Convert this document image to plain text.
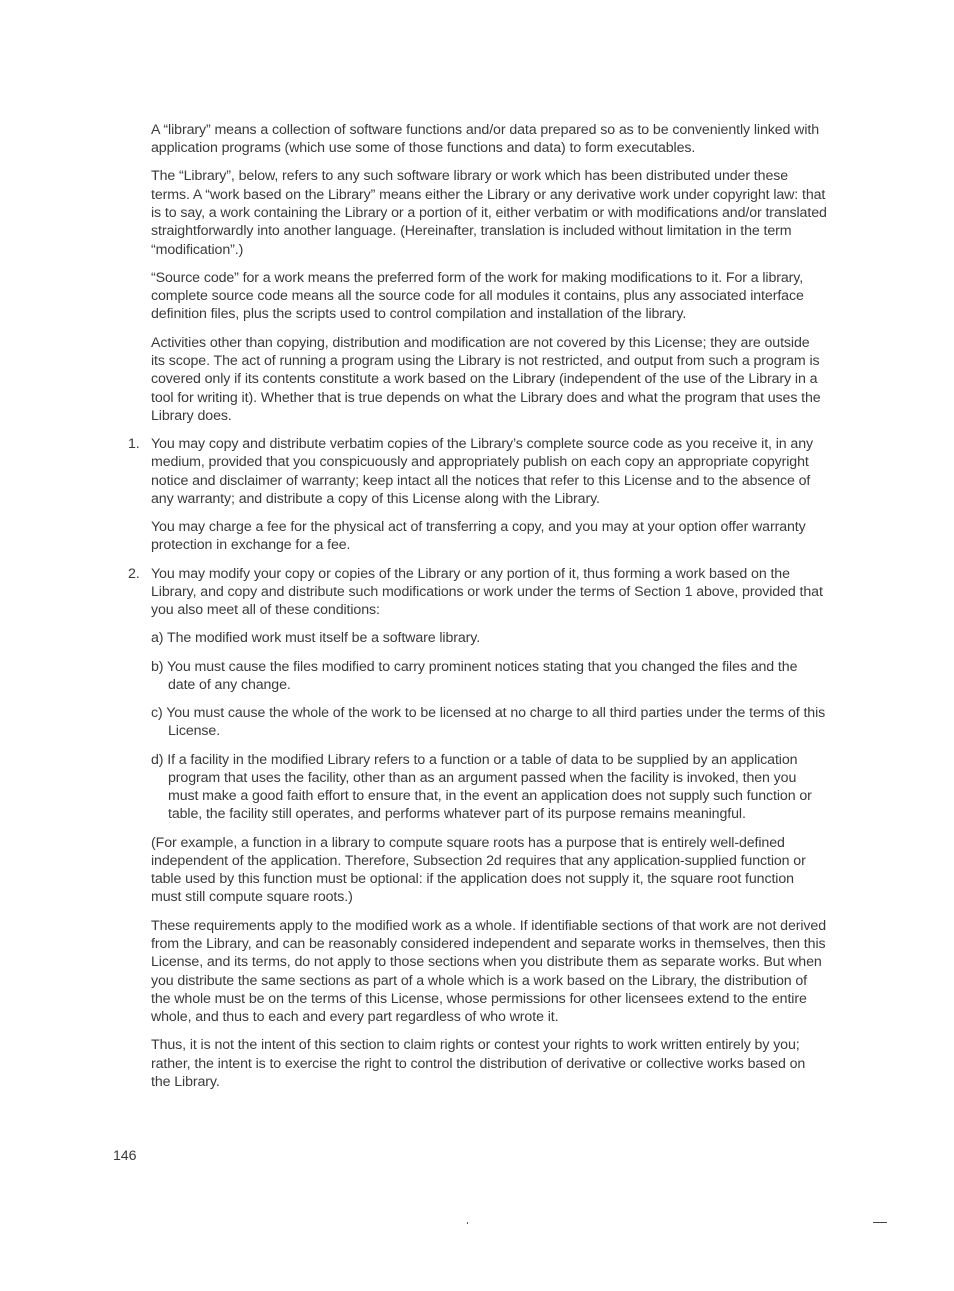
A “library” means a collection of software functions and/or data prepared so as to be conveniently linked with application programs (which use some of those functions and data) to form executables.

The “Library”, below, refers to any such software library or work which has been distributed under these terms. A “work based on the Library” means either the Library or any derivative work under copyright law: that is to say, a work containing the Library or a portion of it, either verbatim or with modifications and/or translated straightforwardly into another language. (Hereinafter, translation is included without limitation in the term “modification”.)

“Source code” for a work means the preferred form of the work for making modifications to it. For a library, complete source code means all the source code for all modules it contains, plus any associated interface definition files, plus the scripts used to control compilation and installation of the library.

Activities other than copying, distribution and modification are not covered by this License; they are outside its scope. The act of running a program using the Library is not restricted, and output from such a program is covered only if its contents constitute a work based on the Library (independent of the use of the Library in a tool for writing it). Whether that is true depends on what the Library does and what the program that uses the Library does.

1. You may copy and distribute verbatim copies of the Library’s complete source code as you receive it, in any medium, provided that you conspicuously and appropriately publish on each copy an appropriate copyright notice and disclaimer of warranty; keep intact all the notices that refer to this License and to the absence of any warranty; and distribute a copy of this License along with the Library.

You may charge a fee for the physical act of transferring a copy, and you may at your option offer warranty protection in exchange for a fee.

2. You may modify your copy or copies of the Library or any portion of it, thus forming a work based on the Library, and copy and distribute such modifications or work under the terms of Section 1 above, provided that you also meet all of these conditions:

a) The modified work must itself be a software library.

b) You must cause the files modified to carry prominent notices stating that you changed the files and the date of any change.

c) You must cause the whole of the work to be licensed at no charge to all third parties under the terms of this License.

d) If a facility in the modified Library refers to a function or a table of data to be supplied by an application program that uses the facility, other than as an argument passed when the facility is invoked, then you must make a good faith effort to ensure that, in the event an application does not supply such function or table, the facility still operates, and performs whatever part of its purpose remains meaningful.

(For example, a function in a library to compute square roots has a purpose that is entirely well-defined independent of the application. Therefore, Subsection 2d requires that any application-supplied function or table used by this function must be optional: if the application does not supply it, the square root function must still compute square roots.)

These requirements apply to the modified work as a whole. If identifiable sections of that work are not derived from the Library, and can be reasonably considered independent and separate works in themselves, then this License, and its terms, do not apply to those sections when you distribute them as separate works. But when you distribute the same sections as part of a whole which is a work based on the Library, the distribution of the whole must be on the terms of this License, whose permissions for other licensees extend to the entire whole, and thus to each and every part regardless of who wrote it.

Thus, it is not the intent of this section to claim rights or contest your rights to work written entirely by you; rather, the intent is to exercise the right to control the distribution of derivative or collective works based on the Library.

146
